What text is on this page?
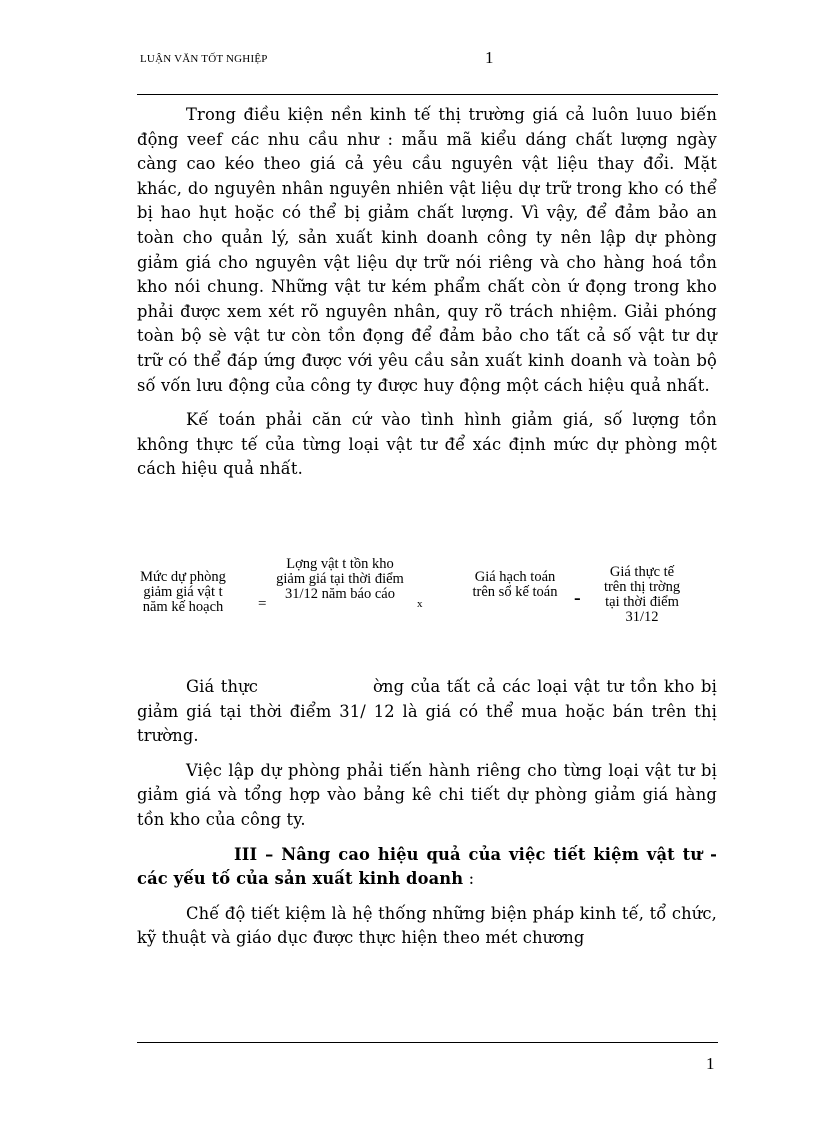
LUẬN VĂN TỐT NGHIỆP	1

Trong điều kiện nền kinh tế thị trường giá cả luôn luuo biến động veef các nhu cầu như : mẫu mã kiểu dáng chất lượng ngày càng cao kéo theo giá cả yêu cầu nguyên vật liệu thay đổi. Mặt khác, do nguyên nhân nguyên nhiên vật liệu dự trữ trong kho có thể bị hao hụt hoặc có thể bị giảm chất lượng. Vì vậy, để đảm bảo an toàn cho quản lý, sản xuất kinh doanh công ty nên lập dự phòng giảm giá cho nguyên vật liệu dự trữ nói riêng và cho hàng hoá tồn kho nói chung. Những vật tư kém phẩm chất còn ứ đọng trong kho phải được xem xét rõ nguyên nhân, quy rõ trách nhiệm. Giải phóng toàn bộ sè vật tư còn tồn đọng để đảm bảo cho tất cả số vật tư dự trữ có thể đáp ứng được với yêu cầu sản xuất kinh doanh và toàn bộ số vốn lưu động của công ty được huy động một cách hiệu quả nhất.

Kế toán phải căn cứ vào tình hình giảm giá, số lượng tồn không thực tế của từng loại vật tư để xác định mức dự phòng một cách hiệu quả nhất.

Mức dự phòng giảm giá vật t năm kế hoạch	=
Lợng vật t tồn kho giảm giá tại thời điểm 31/12 năm báo cáo
x
Giá hạch toán trên sổ kế toán -
Giá thực tế trên thị trờng tại thời điểm 31/12

Giá thực tế trên thị trờng của tất cả các loại vật tư tồn kho bị giảm giá tại thời điểm 31/ 12 là giá có thể mua hoặc bán trên thị trường.

Việc lập dự phòng phải tiến hành riêng cho từng loại vật tư bị giảm giá và tổng hợp vào bảng kê chi tiết dự phòng giảm giá hàng tồn kho của công ty.

III – Nâng cao hiệu quả của việc tiết kiệm vật tư - các yếu tố của sản xuất kinh doanh :

Chế độ tiết kiệm là hệ thống những biện pháp kinh tế, tổ chức, kỹ thuật và giáo dục được thực hiện theo mét chương

1
